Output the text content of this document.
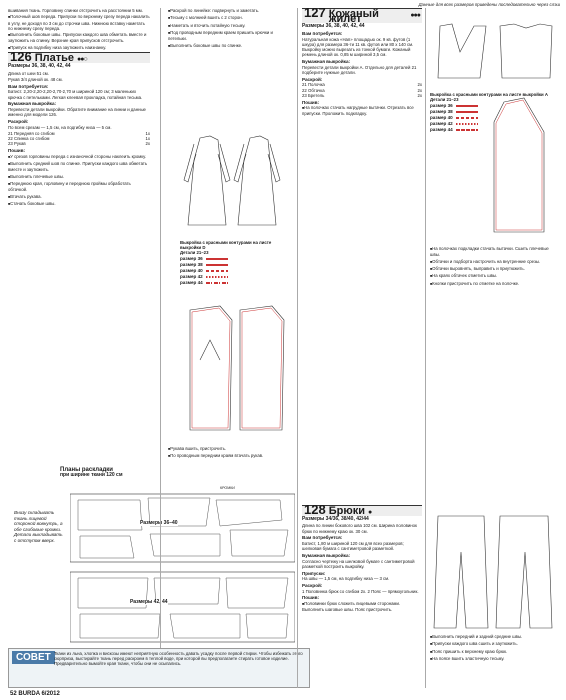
Данные для всех размеров приведены последовательно через слэш

вшивания ткань. Горловину спинки отстрочить на расстоянии 5 мм.

■ Полочный шов переда. Припуски по верхнему срезу переда накалить в углу, не доходя по 3 см до строчки шва. Нижнюю вставку наметать по нижнему срезу переда.

■ Выполнить боковые швы. Припуски каждого шва обметать вместе и заутюжить на спинку. Верхние края припусков отстрочить.

■ Припуск на подгибку низа заутюжить наизнанку.

126 Платье ●●○
Размеры 36, 38, 40, 42, 44

Длина от шеи 51 см.

Рукав 3/4 длиной ок. 48 см.

Вам потребуется:

Батист. 2,20-2,20-2,20-2,70-2,70 м шириной 120 см; 3 маленьких крючка с петельками. Легкая клеевая прокладка, потайная тесьма.

Бумажная выкройка:

Перевести детали выкройки. Обратите внимание на линии и данные именно для модели 126.

Раскрой:

По всем срезам — 1,5 см, на подгибку низа — 5 см.

21 Передняя со сгибом	1x
22 Спинка со сгибом	1x
23 Рукав	2x
Пошив:

■ У срезов горловины переда с изнаночной стороны наклеить кромку.

■ Выполнить средний шов по спинке. Припуски каждого шва обметать вместе и заутюжить.

■ Выполнить плечевые швы.

■ Переднюю края, горловину и переднюю проймы обработать обтачкой.

■ Втачать рукава.

■ Стачать боковые швы.

Планы раскладки
при ширине ткани 120 см
Внизу складывать ткань лицевой стороной вовнутрь, а обе сгибовые кромки. Детали выкладывать с отступом вверх.
Размеры 36–40
Размеры 42, 44
КРОМКИ
СОВЕТ Ткани из льна, хлопка и вискозы имеют неприятную особенность давать усадку после первой стирки. Чтобы избежать этого сюрприза, выстирайте ткань перед раскроем в теплой воде, при которой вы предполагаете стирать готовое изделие. Предварительно вымойте края ткани, чтобы они не осыпались.

■ Раскрой по линейке: подвернуть и заметать.

■ Тесьму с молнией вшить с 2 сторон.

■ Наметать и вточить потайную тесьму.

■ Под проводным передним краем пришить крючки и петельки.

■ Выполнить боковые швы по спинке.

Выкройка с красными контурами на листе выкройки D
Детали 21–23
размер 36
размер 38
размер 40
размер 42
размер 44

■ Рукава вшить, пристрочить.

■ По проводным передним краям втачать рукав.

127 Кожаный жилет	●●●
Размеры 36, 38, 40, 42, 44
Вам потребуется:

Натуральная кожа «Нап» площадью ок. 9 кв. футов (1 шкура) для размера 36-ти 11 кв. футов или 80 х 140 см. Выкройку можно вырезать из тонкой бумаги. Кожаный ремень длиной ок. 0,85 м шириной 3,5 см.

Бумажная выкройка:

Перевести детали выкройки A. Отдельно для деталей 21 подберите нужные детали.

Раскрой:
21 Полочка	2x
22 Обтачка	2x
23 Бретель	2x
Пошив:

■ На полочках стачать нагрудные вытачки. Отрезать все припуски. Проложить подкладку.

Выкройка с красными контурами на листе выкройки A
Детали 21–23
размер 36
размер 38
размер 40
размер 42
размер 44

■ На полочках подкладки стачать вытачки. Сшить плечевые швы.

■ Обтачки и подборта настрочить на внутренние срезы.

■ Обтачки выровнять, выправить и приутюжить.

■ На краях обтачек отметить швы.

■ Кнопки пристрочить по отметке на полочке.

128 Брюки ●
Размеры 34/36, 38/40, 42/44

Длина по линии бокового шва 102 см. Ширина половинок брюк по нижнему краю ок. 30 см.

Вам потребуется:

Батист, 1,80 м шириной 120 см для всех размеров; шелковая бумага с сантиметровой разметкой.

Бумажная выкройка:

Согласно чертежу на шелковой бумаге с сантиметровой разметкой построить выкройку.

Припуски:

На швы — 1,5 см, на подгибку низа — 3 см.

Раскрой:

1 Половинка брюк со сгибом 2x. 2 Пояс — прямоугольник.

Пошив:

■ Половинки брюк сложить лицевыми сторонами. Выполнить шаговые швы. Пояс пристрочить.

■ Выполнить передний и задний средние швы.

■ Припуски каждого шва сшить и заутюжить.

■ Пояс пришить к верхнему краю брюк.

■ На поясе вшить эластичную тесьму.

52 BURDA 6/2012
